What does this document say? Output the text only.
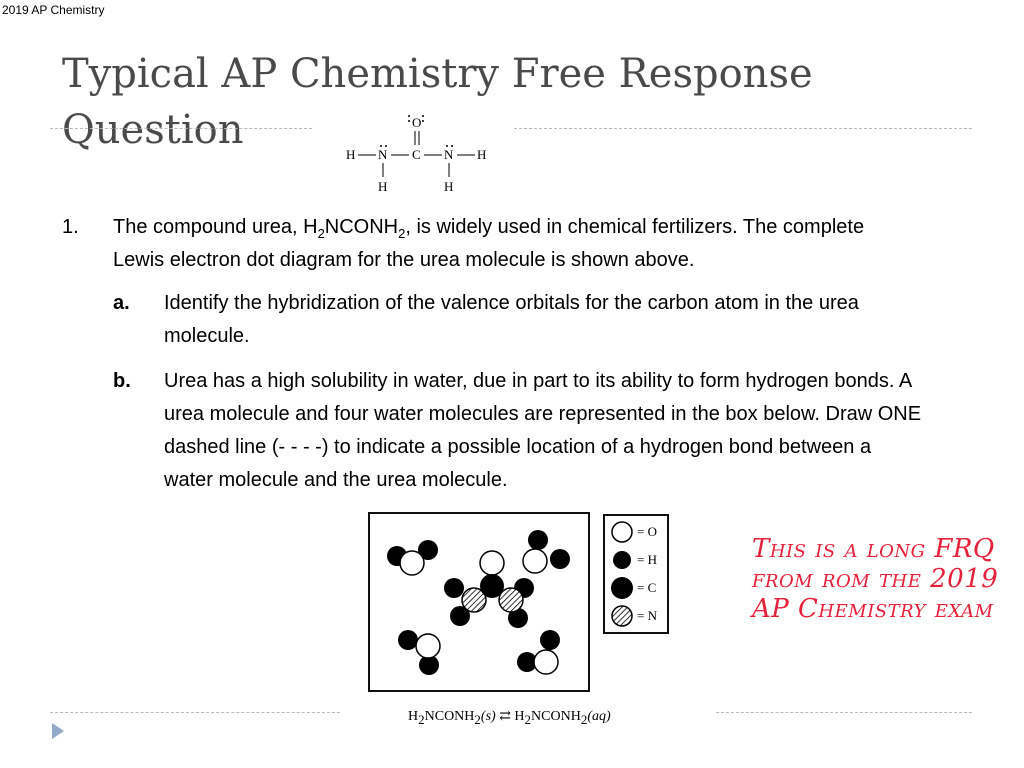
2019 AP Chemistry
Typical AP Chemistry Free Response Question	O
H N C N H
H	H
1. The compound urea, $H_2NCONH_2$, is widely used in chemical fertilizers. The complete Lewis electron dot diagram for the urea molecule is shown above.
a. Identify the hybridization of the valence orbitals for the carbon atom in the urea molecule.
b. Urea has a high solubility in water, due in part to its ability to form hydrogen bonds. A urea molecule and four water molecules are represented in the box below. Draw ONE dashed line (- - - -) to indicate a possible location of a hydrogen bond between a water molecule and the urea molecule.
= O
= H
= C
= N
This is a long FRQ from rom the 2019 AP Chemistry exam
$H_2NCONH_2(s)$ ⇄ $H_2NCONH_2(aq)$
